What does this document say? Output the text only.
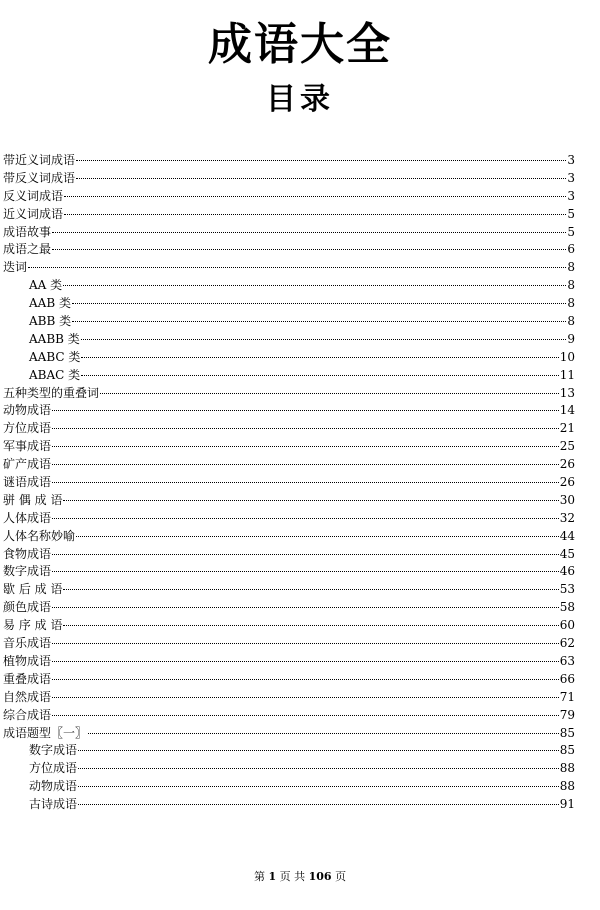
成语大全
目录
带近义词成语	3
带反义词成语	3
反义词成语	3
近义词成语	5
成语故事	5
成语之最	6
迭词	8
AA 类	8
AAB 类	8
ABB 类	8
AABB 类	9
AABC 类	10
ABAC 类	11
五种类型的重叠词	13
动物成语	14
方位成语	21
军事成语	25
矿产成语	26
谜语成语	26
骈 偶 成 语	30
人体成语	32
人体名称妙喻	44
食物成语	45
数字成语	46
歇 后 成 语	53
颜色成语	58
易 序 成 语	60
音乐成语	62
植物成语	63
重叠成语	66
自然成语	71
综合成语	79
成语题型〖一〗	85
数字成语	85
方位成语	88
动物成语	88
古诗成语	91
第 1 页 共 106 页
